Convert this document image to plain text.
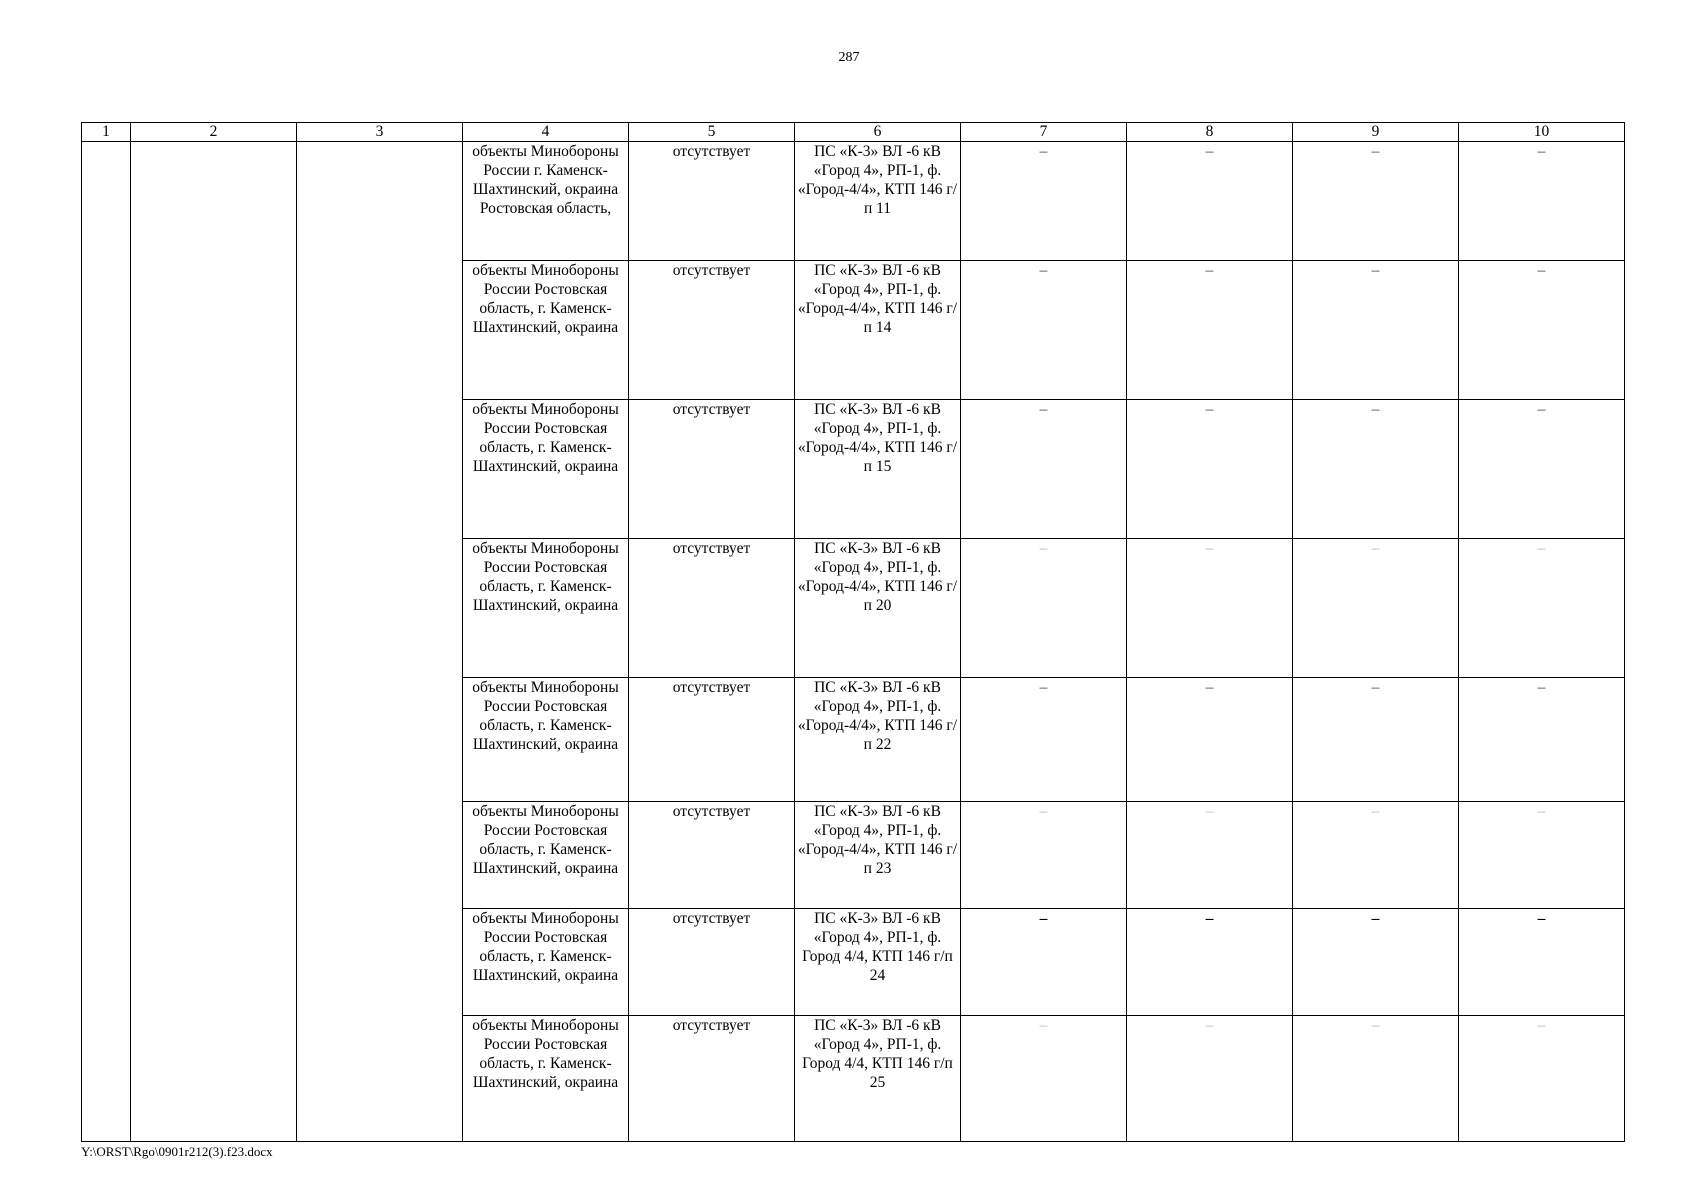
287
1	2	3	4	5	6	7	8	9	10
			объекты Минобороны России г. Каменск-Шахтинский, окраина Ростовская область,	отсутствует	ПС «К-3» ВЛ -6 кВ «Город 4», РП-1, ф. «Город-4/4», КТП 146 г/п 11	–	–	–	–
			объекты Минобороны России Ростовская область, г. Каменск-Шахтинский, окраина	отсутствует	ПС «К-3» ВЛ -6 кВ «Город 4», РП-1, ф. «Город-4/4», КТП 146 г/п 14	–	–	–	–
			объекты Минобороны России Ростовская область, г. Каменск-Шахтинский, окраина	отсутствует	ПС «К-3» ВЛ -6 кВ «Город 4», РП-1, ф. «Город-4/4», КТП 146 г/п 15	–	–	–	–
			объекты Минобороны России Ростовская область, г. Каменск-Шахтинский, окраина	отсутствует	ПС «К-3» ВЛ -6 кВ «Город 4», РП-1, ф. «Город-4/4», КТП 146 г/п 20	–	–	–	–
			объекты Минобороны России Ростовская область, г. Каменск-Шахтинский, окраина	отсутствует	ПС «К-3» ВЛ -6 кВ «Город 4», РП-1, ф. «Город-4/4», КТП 146 г/п 22	–	–	–	–
			объекты Минобороны России Ростовская область, г. Каменск-Шахтинский, окраина	отсутствует	ПС «К-3» ВЛ -6 кВ «Город 4», РП-1, ф. «Город-4/4», КТП 146 г/п 23	–	–	–	–
			объекты Минобороны России Ростовская область, г. Каменск-Шахтинский, окраина	отсутствует	ПС «К-3» ВЛ -6 кВ «Город 4», РП-1, ф. Город 4/4, КТП 146 г/п 24	–	–	–	–
			объекты Минобороны России Ростовская область, г. Каменск-Шахтинский, окраина	отсутствует	ПС «К-3» ВЛ -6 кВ «Город 4», РП-1, ф. Город 4/4, КТП 146 г/п 25	–	–	–	–
Y:\ORST\Rgo\0901r212(3).f23.docx
